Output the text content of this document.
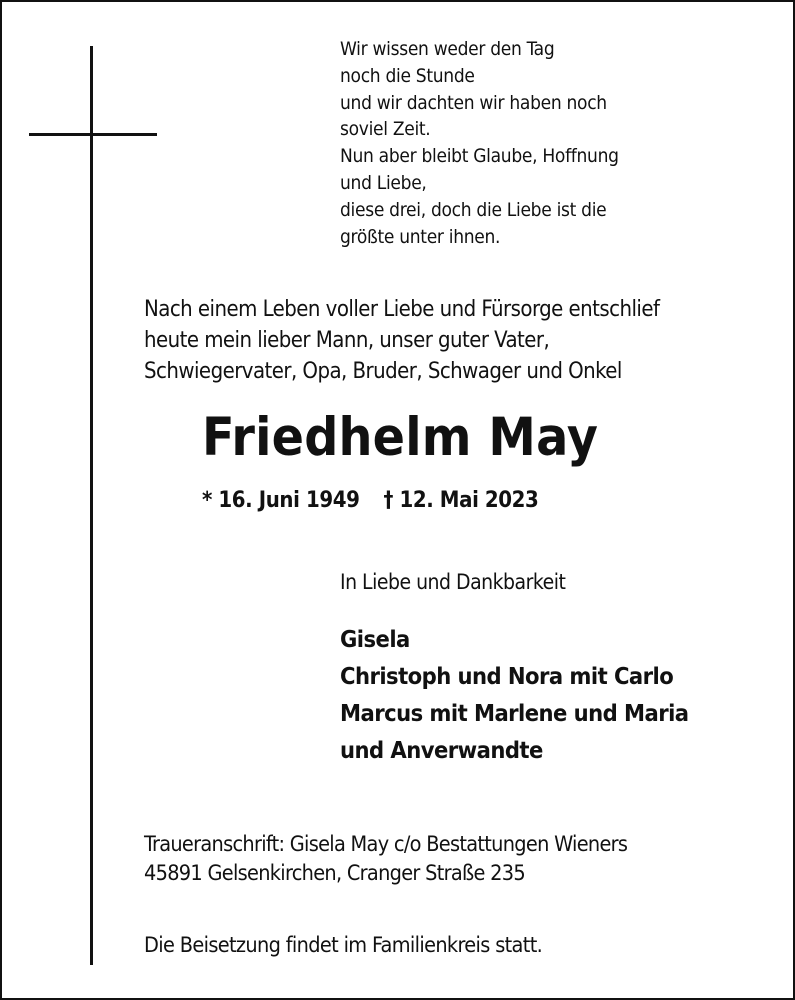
Wir wissen weder den Tag
noch die Stunde
und wir dachten wir haben noch
soviel Zeit.
Nun aber bleibt Glaube, Hoffnung
und Liebe,
diese drei, doch die Liebe ist die
größte unter ihnen.
Nach einem Leben voller Liebe und Fürsorge entschlief
heute mein lieber Mann, unser guter Vater,
Schwiegervater, Opa, Bruder, Schwager und Onkel
Friedhelm May
* 16. Juni 1949 † 12. Mai 2023
In Liebe und Dankbarkeit
Gisela
Christoph und Nora mit Carlo
Marcus mit Marlene und Maria
und Anverwandte
Traueranschrift: Gisela May c/o Bestattungen Wieners
45891 Gelsenkirchen, Cranger Straße 235
Die Beisetzung findet im Familienkreis statt.
